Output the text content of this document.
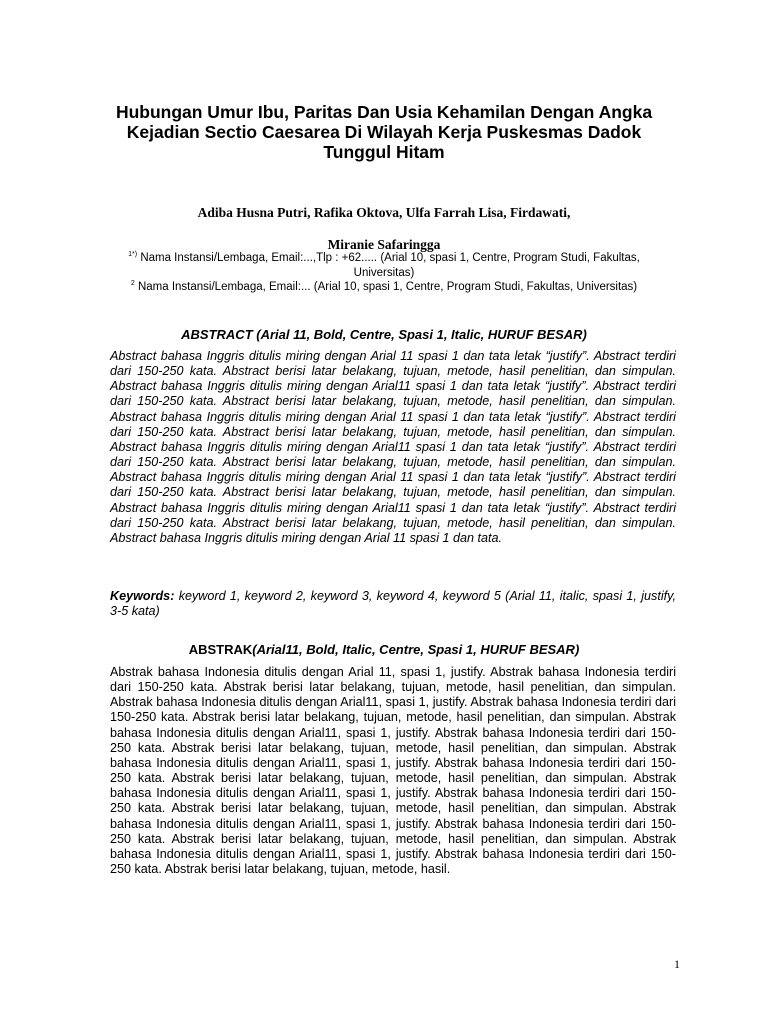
Hubungan Umur Ibu, Paritas Dan Usia Kehamilan Dengan Angka
Kejadian Sectio Caesarea Di Wilayah Kerja Puskesmas Dadok
Tunggul Hitam
Adiba Husna Putri, Rafika Oktova, Ulfa Farrah Lisa, Firdawati,
Miranie Safaringga
$^{1*)}$ Nama Instansi/Lembaga, Email:...,Tlp : +62..... (Arial 10, spasi 1, Centre, Program Studi, Fakultas, Universitas)
$^2$ Nama Instansi/Lembaga, Email:... (Arial 10, spasi 1, Centre, Program Studi, Fakultas, Universitas)
ABSTRACT (Arial 11, Bold, Centre, Spasi 1, Italic, HURUF BESAR)
Abstract bahasa Inggris ditulis miring dengan Arial 11 spasi 1 dan tata letak “justify”. Abstract terdiri dari 150-250 kata. Abstract berisi latar belakang, tujuan, metode, hasil penelitian, dan simpulan. Abstract bahasa Inggris ditulis miring dengan Arial11 spasi 1 dan tata letak “justify”. Abstract terdiri dari 150-250 kata. Abstract berisi latar belakang, tujuan, metode, hasil penelitian, dan simpulan. Abstract bahasa Inggris ditulis miring dengan Arial 11 spasi 1 dan tata letak “justify”. Abstract terdiri dari 150-250 kata. Abstract berisi latar belakang, tujuan, metode, hasil penelitian, dan simpulan. Abstract bahasa Inggris ditulis miring dengan Arial11 spasi 1 dan tata letak “justify”. Abstract terdiri dari 150-250 kata. Abstract berisi latar belakang, tujuan, metode, hasil penelitian, dan simpulan. Abstract bahasa Inggris ditulis miring dengan Arial 11 spasi 1 dan tata letak “justify”. Abstract terdiri dari 150-250 kata. Abstract berisi latar belakang, tujuan, metode, hasil penelitian, dan simpulan. Abstract bahasa Inggris ditulis miring dengan Arial11 spasi 1 dan tata letak “justify”. Abstract terdiri dari 150-250 kata. Abstract berisi latar belakang, tujuan, metode, hasil penelitian, dan simpulan. Abstract bahasa Inggris ditulis miring dengan Arial 11 spasi 1 dan tata.
Keywords: keyword 1, keyword 2, keyword 3, keyword 4, keyword 5 (Arial 11, italic, spasi 1, justify, 3-5 kata)
ABSTRAK(Arial11, Bold, Italic, Centre, Spasi 1, HURUF BESAR)
Abstrak bahasa Indonesia ditulis dengan Arial 11, spasi 1, justify. Abstrak bahasa Indonesia terdiri dari 150-250 kata. Abstrak berisi latar belakang, tujuan, metode, hasil penelitian, dan simpulan. Abstrak bahasa Indonesia ditulis dengan Arial11, spasi 1, justify. Abstrak bahasa Indonesia terdiri dari 150-250 kata. Abstrak berisi latar belakang, tujuan, metode, hasil penelitian, dan simpulan. Abstrak bahasa Indonesia ditulis dengan Arial11, spasi 1, justify. Abstrak bahasa Indonesia terdiri dari 150-250 kata. Abstrak berisi latar belakang, tujuan, metode, hasil penelitian, dan simpulan. Abstrak bahasa Indonesia ditulis dengan Arial11, spasi 1, justify. Abstrak bahasa Indonesia terdiri dari 150-250 kata. Abstrak berisi latar belakang, tujuan, metode, hasil penelitian, dan simpulan. Abstrak bahasa Indonesia ditulis dengan Arial11, spasi 1, justify. Abstrak bahasa Indonesia terdiri dari 150-250 kata. Abstrak berisi latar belakang, tujuan, metode, hasil penelitian, dan simpulan. Abstrak bahasa Indonesia ditulis dengan Arial11, spasi 1, justify. Abstrak bahasa Indonesia terdiri dari 150-250 kata. Abstrak berisi latar belakang, tujuan, metode, hasil penelitian, dan simpulan. Abstrak bahasa Indonesia ditulis dengan Arial11, spasi 1, justify. Abstrak bahasa Indonesia terdiri dari 150-250 kata. Abstrak berisi latar belakang, tujuan, metode, hasil.
1
